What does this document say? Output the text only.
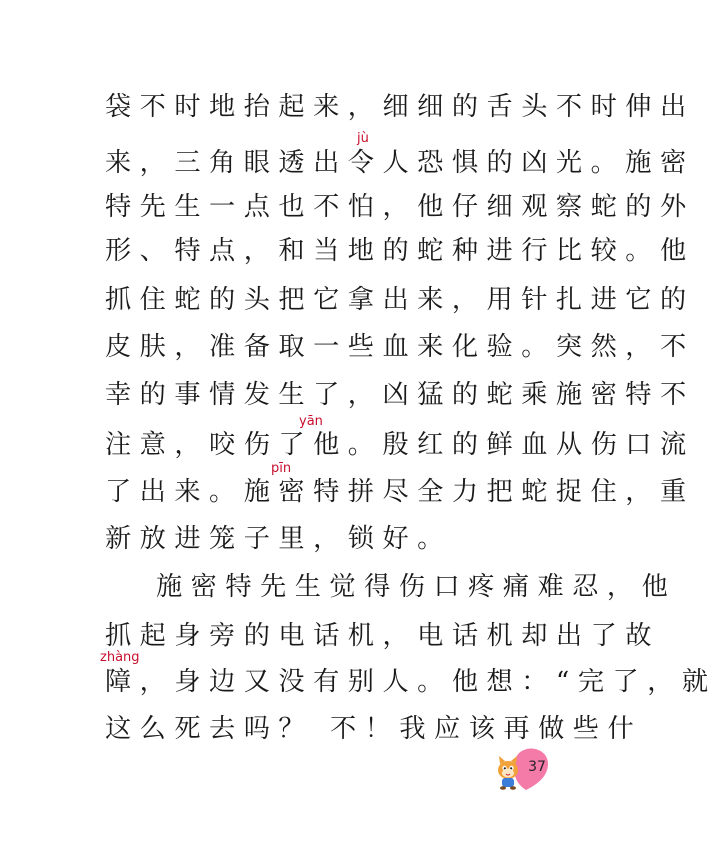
袋不时地抬起来，细细的舌头不时伸出
jù
来，三角眼透出令人恐惧的凶光。施密
特先生一点也不怕，他仔细观察蛇的外
形、特点，和当地的蛇种进行比较。他
抓住蛇的头把它拿出来，用针扎进它的
皮肤，准备取一些血来化验。突然，不
幸的事情发生了，凶猛的蛇乘施密特不
yān
注意，咬伤了他。殷红的鲜血从伤口流
pīn
了出来。施密特拼尽全力把蛇捉住，重
新放进笼子里，锁好。
施密特先生觉得伤口疼痛难忍，他
抓起身旁的电话机，电话机却出了故
zhàng
障，身边又没有别人。他想：“完了，就
这么死去吗？ 不！我应该再做些什
37
